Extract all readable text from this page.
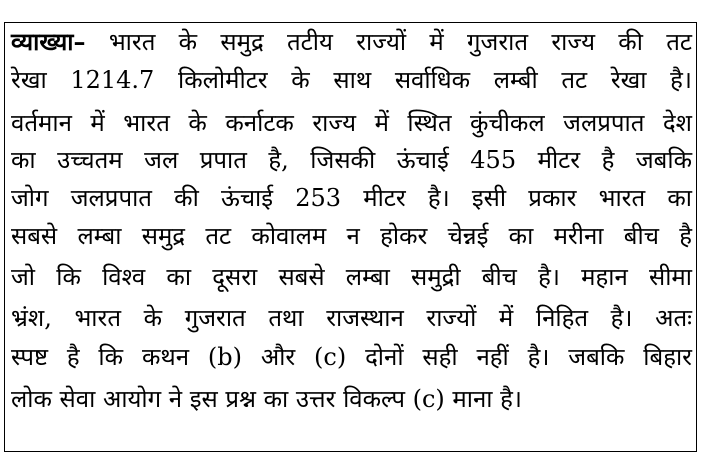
व्याख्या– भारत के समुद्र तटीय राज्यों में गुजरात राज्य की तट
रेखा 1214.7 किलोमीटर के साथ सर्वाधिक लम्बी तट रेखा है।
वर्तमान में भारत के कर्नाटक राज्य में स्थित कुंचीकल जलप्रपात देश
का उच्चतम जल प्रपात है, जिसकी ऊंचाई 455 मीटर है जबकि
जोग जलप्रपात की ऊंचाई 253 मीटर है। इसी प्रकार भारत का
सबसे लम्बा समुद्र तट कोवालम न होकर चेन्नई का मरीना बीच है
जो कि विश्व का दूसरा सबसे लम्बा समुद्री बीच है। महान सीमा
भ्रंश, भारत के गुजरात तथा राजस्थान राज्यों में निहित है। अतः
स्पष्ट है कि कथन (b) और (c) दोनों सही नहीं है। जबकि बिहार
लोक सेवा आयोग ने इस प्रश्न का उत्तर विकल्प (c) माना है।
